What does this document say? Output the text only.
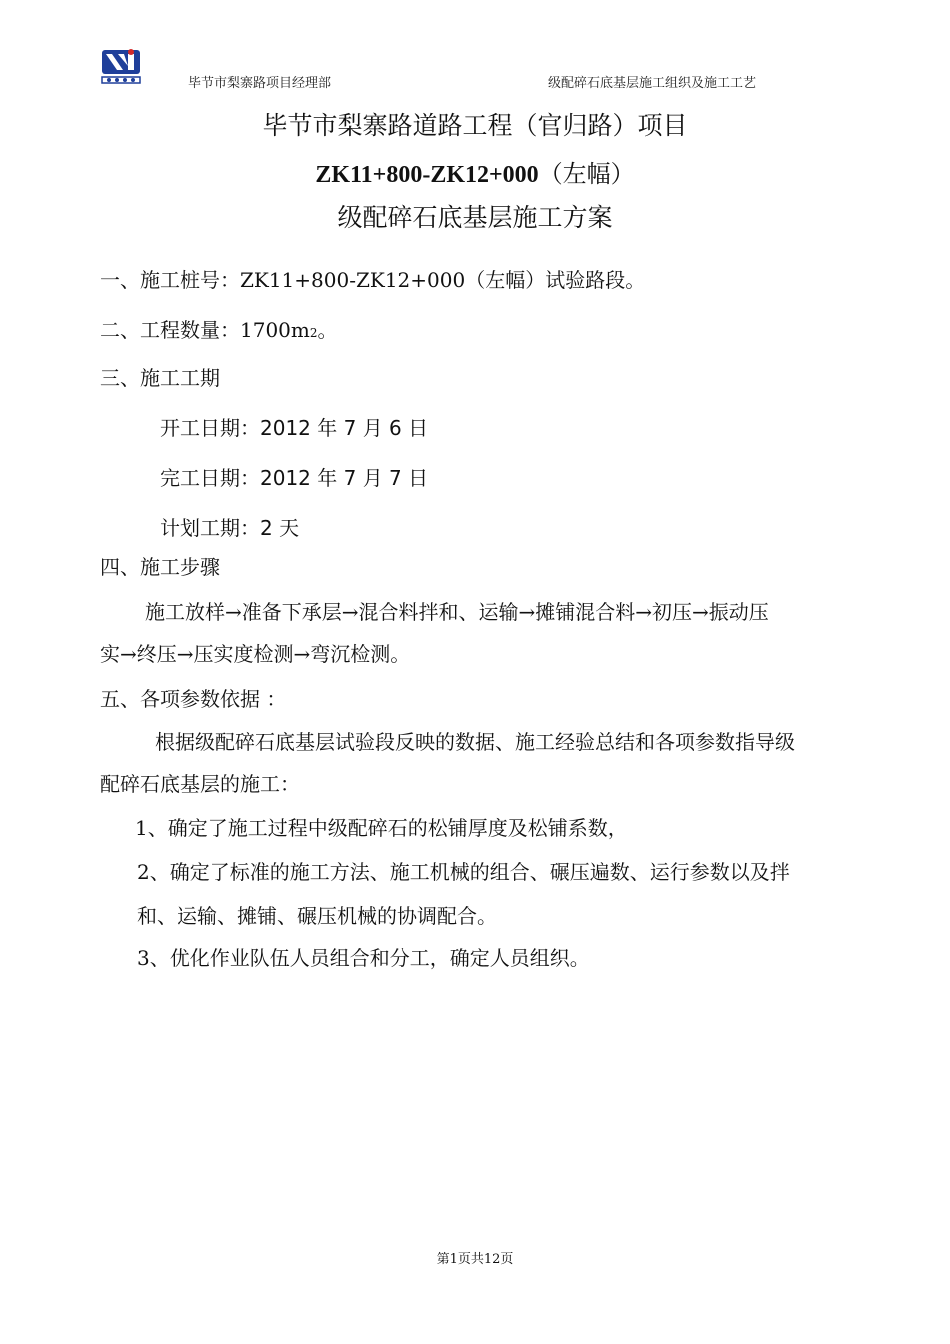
毕节市梨寨路项目经理部	级配碎石底基层施工组织及施工工艺
毕节市梨寨路道路工程（官归路）项目
ZK11+800-ZK12+000（左幅）
级配碎石底基层施工方案
一、施工桩号：ZK11+800-ZK12+000（左幅）试验路段。
二、工程数量：1700m2。
三、施工工期
开工日期：2012 年 7 月 6 日
完工日期：2012 年 7 月 7 日
计划工期：2 天
四、施工步骤
施工放样→准备下承层→混合料拌和、运输→摊铺混合料→初压→振动压
实→终压→压实度检测→弯沉检测。
五、各项参数依据 ：
根据级配碎石底基层试验段反映的数据、施工经验总结和各项参数指导级
配碎石底基层的施工：
1、确定了施工过程中级配碎石的松铺厚度及松铺系数，
2、确定了标准的施工方法、施工机械的组合、碾压遍数、运行参数以及拌
和、运输、摊铺、碾压机械的协调配合。
3、优化作业队伍人员组合和分工，确定人员组织。
第1页共12页
